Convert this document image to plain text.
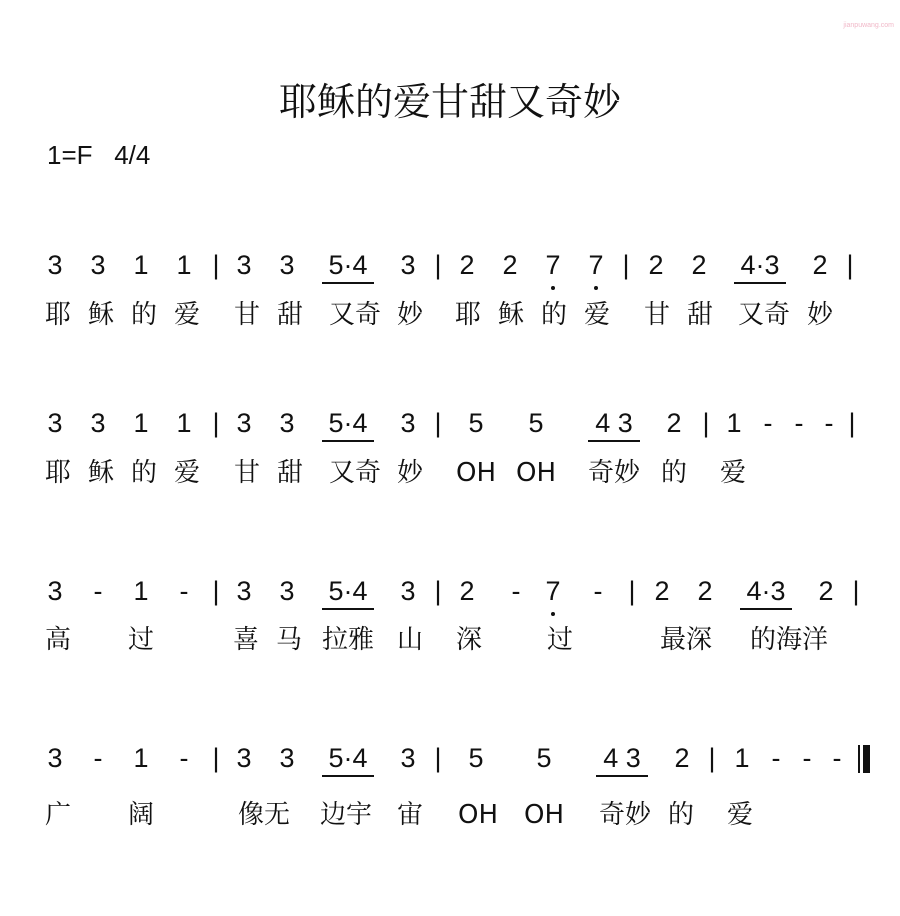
jianpuwang.com
耶稣的爱甘甜又奇妙
1=F   4/4
3 3 1 1 | 3 3 5·4 3 | 2 2 7 7 | 2 2 4·3 2 |
耶 稣 的 爱 甘 甜 又奇 妙 耶 稣 的 爱 甘 甜 又奇 妙
3 3 1 1 | 3 3 5·4 3 | 5 5 4 3 2 | 1 - - - |
耶 稣 的 爱 甘 甜 又奇 妙 OH OH 奇妙 的 爱
3 - 1 - | 3 3 5·4 3 | 2 - 7 - | 2 2 4·3 2 |
高 过	喜 马 拉雅 山 深 过	最深 的海洋
3 - 1 - | 3 3 5·4 3 | 5 5 4 3 2 | 1 - - -
广 阔	像无 边宇 宙 OH OH 奇妙 的 爱
